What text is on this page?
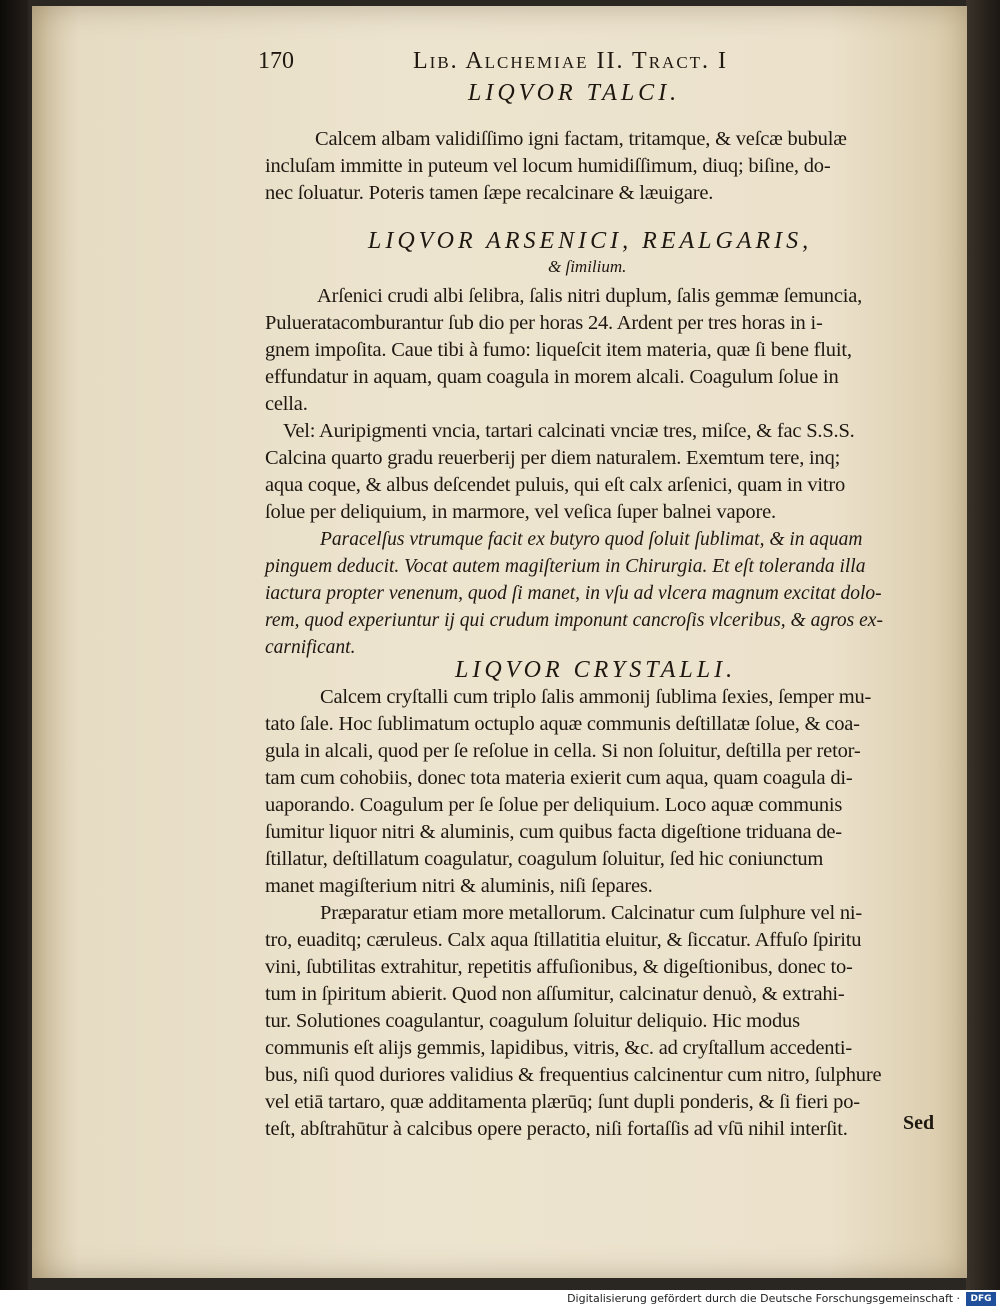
170	Lib. Alchemiae II. Tract. I
LIQVOR TALCI.
Calcem albam validiſſimo igni factam, tritamque, & veſcæ bubulæ
incluſam immitte in puteum vel locum humidiſſimum, diuq; biſine, do-
nec ſoluatur. Poteris tamen ſæpe recalcinare & læuigare.
LIQVOR ARSENICI, REALGARIS,
& ſimilium.
Arſenici crudi albi ſelibra, ſalis nitri duplum, ſalis gemmæ ſemuncia,
Pulueratacomburantur ſub dio per horas 24. Ardent per tres horas in i-
gnem impoſita. Caue tibi à fumo: liqueſcit item materia, quæ ſi bene fluit,
effundatur in aquam, quam coagula in morem alcali. Coagulum ſolue in
cella.
Vel: Auripigmenti vncia, tartari calcinati vnciæ tres, miſce, & fac S.S.S.
Calcina quarto gradu reuerberij per diem naturalem. Exemtum tere, inq;
aqua coque, & albus deſcendet puluis, qui eſt calx arſenici, quam in vitro
ſolue per deliquium, in marmore, vel veſica ſuper balnei vapore.
Paracelſus vtrumque facit ex butyro quod ſoluit ſublimat, & in aquam
pinguem deducit. Vocat autem magiſterium in Chirurgia. Et eſt toleranda illa
iactura propter venenum, quod ſi manet, in vſu ad vlcera magnum excitat dolo-
rem, quod experiuntur ij qui crudum imponunt cancroſis vlceribus, & agros ex-
carnificant.
LIQVOR CRYSTALLI.
Calcem cryſtalli cum triplo ſalis ammonij ſublima ſexies, ſemper mu-
tato ſale. Hoc ſublimatum octuplo aquæ communis deſtillatæ ſolue, & coa-
gula in alcali, quod per ſe reſolue in cella. Si non ſoluitur, deſtilla per retor-
tam cum cohobiis, donec tota materia exierit cum aqua, quam coagula di-
uaporando. Coagulum per ſe ſolue per deliquium. Loco aquæ communis
ſumitur liquor nitri & aluminis, cum quibus facta digeſtione triduana de-
ſtillatur, deſtillatum coagulatur, coagulum ſoluitur, ſed hic coniunctum
manet magiſterium nitri & aluminis, niſi ſepares.
Præparatur etiam more metallorum. Calcinatur cum ſulphure vel ni-
tro, euaditq; cæruleus. Calx aqua ſtillatitia eluitur, & ſiccatur. Affuſo ſpiritu
vini, ſubtilitas extrahitur, repetitis affuſionibus, & digeſtionibus, donec to-
tum in ſpiritum abierit. Quod non aſſumitur, calcinatur denuò, & extrahi-
tur. Solutiones coagulantur, coagulum ſoluitur deliquio. Hic modus
communis eſt alijs gemmis, lapidibus, vitris, &c. ad cryſtallum accedenti-
bus, niſi quod duriores validius & frequentius calcinentur cum nitro, ſulphure
vel etiā tartaro, quæ additamenta plærūq; ſunt dupli ponderis, & ſi fieri po-
teſt, abſtrahūtur à calcibus opere peracto, niſi fortaſſis ad vſū nihil interſit.	Sed
Digitalisierung gefördert durch die Deutsche Forschungsgemeinschaft ·	DFG
